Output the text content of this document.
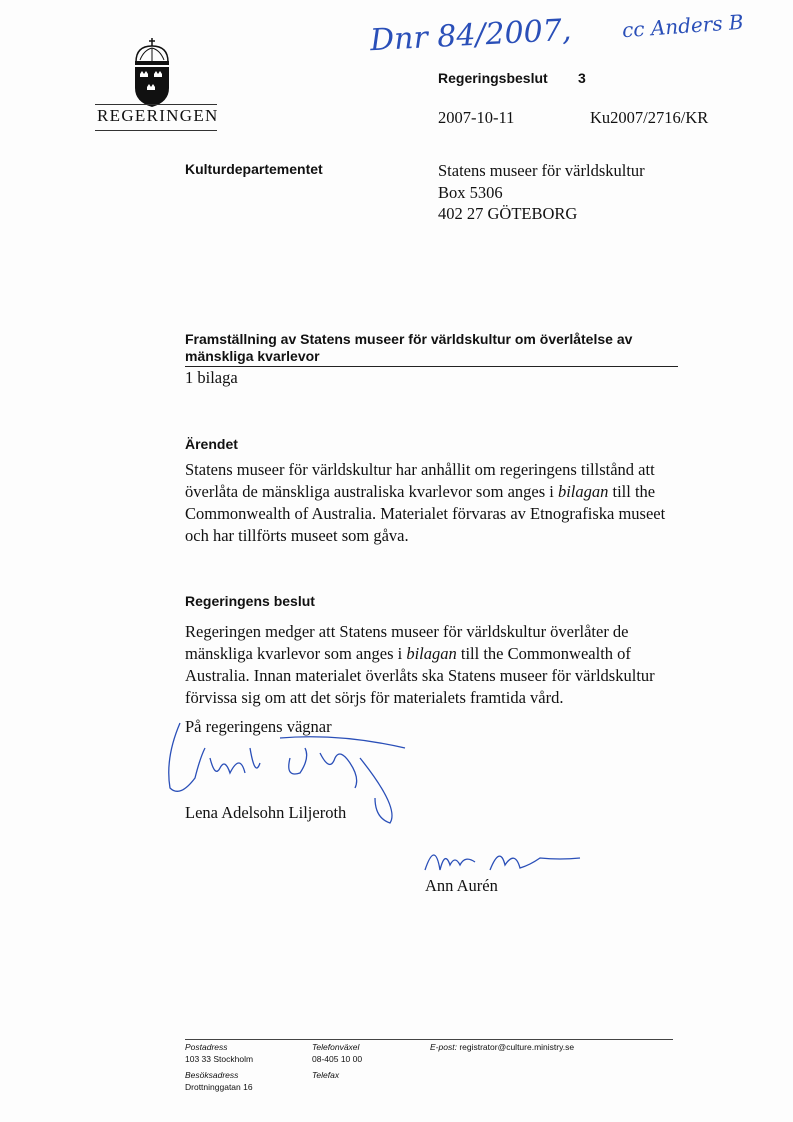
REGERINGEN
Kulturdepartementet
Dnr 84/2007, cc Anders B
Regeringsbeslut 3
2007-10-11	Ku2007/2716/KR
Statens museer för världskultur
Box 5306
402 27 GÖTEBORG
Framställning av Statens museer för världskultur om överlåtelse av
mänskliga kvarlevor
1 bilaga
Ärendet
Statens museer för världskultur har anhållit om regeringens tillstånd att överlåta de mänskliga australiska kvarlevor som anges i bilagan till the Commonwealth of Australia. Materialet förvaras av Etnografiska museet och har tillförts museet som gåva.
Regeringens beslut
Regeringen medger att Statens museer för världskultur överlåter de mänskliga kvarlevor som anges i bilagan till the Commonwealth of Australia. Innan materialet överlåts ska Statens museer för världskultur förvissa sig om att det sörjs för materialets framtida vård.
På regeringens vägnar
Lena Adelsohn Liljeroth
Ann Aurén
Postadress
103 33 Stockholm
Besöksadress
Drottninggatan 16
Telefonväxel
08-405 10 00
Telefax
E-post: registrator@culture.ministry.se
